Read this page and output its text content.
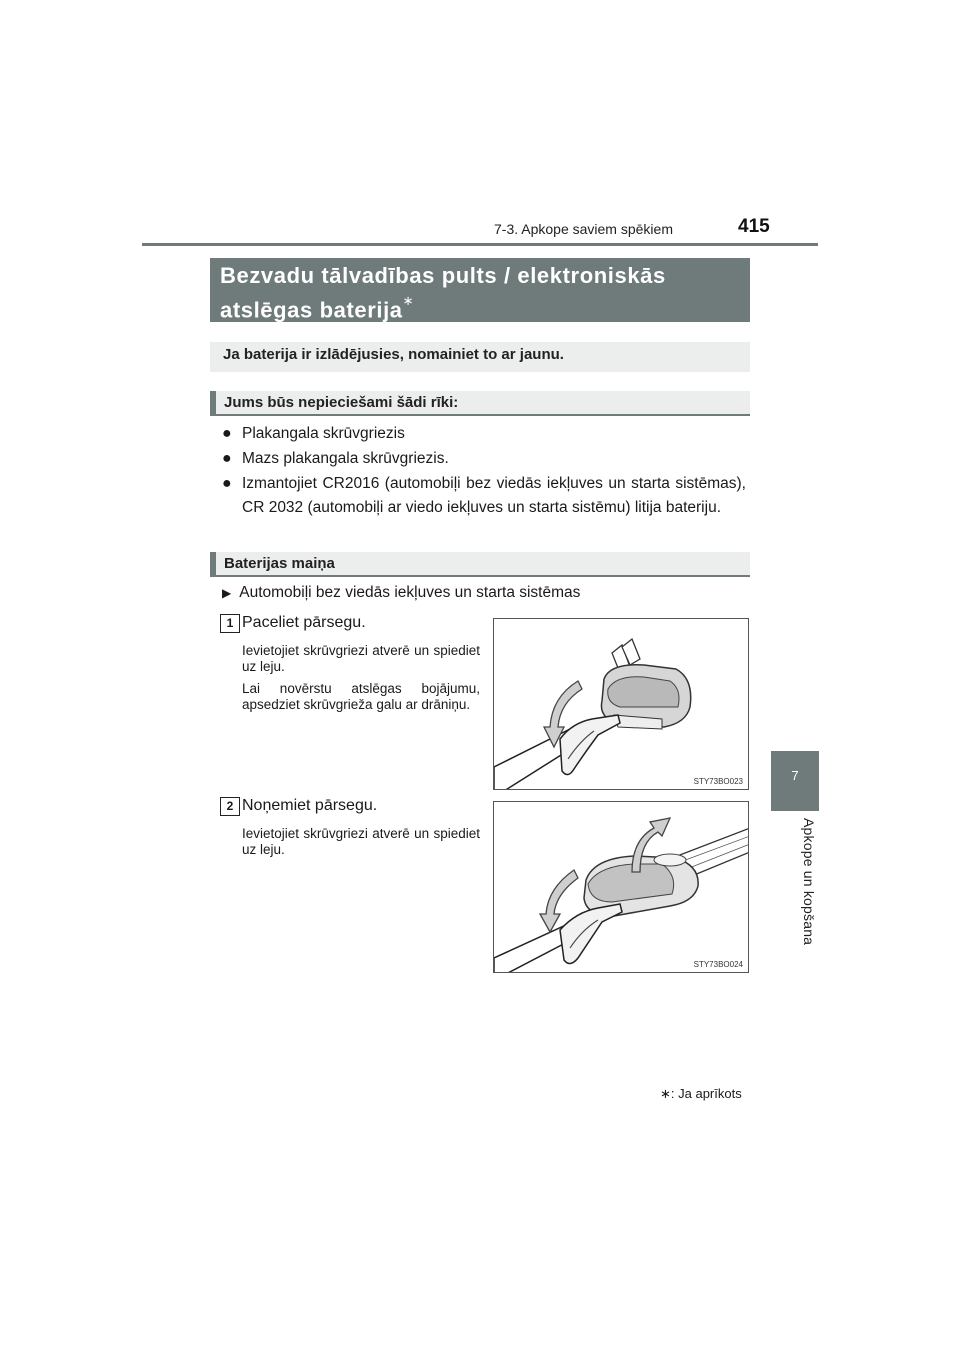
7-3. Apkope saviem spēkiem	415
7
Apkope un kopšana
Bezvadu tālvadības pults / elektroniskās atslēgas baterija∗
Ja baterija ir izlādējusies, nomainiet to ar jaunu.
Jums būs nepieciešami šādi rīki:
● Plakangala skrūvgriezis
● Mazs plakangala skrūvgriezis.
● Izmantojiet CR2016 (automobiļi bez viedās iekļuves un starta sistēmas), CR 2032 (automobiļi ar viedo iekļuves un starta sistēmu) litija bateriju.
Baterijas maiņa
▶ Automobiļi bez viedās iekļuves un starta sistēmas
1 Paceliet pārsegu.

Ievietojiet skrūvgriezi atverē un spiediet uz leju.

Lai novērstu atslēgas bojājumu, apsedziet skrūvgrieža galu ar drāniņu.

STY73BO023
2 Noņemiet pārsegu.

Ievietojiet skrūvgriezi atverē un spiediet uz leju.

STY73BO024
∗: Ja aprīkots
